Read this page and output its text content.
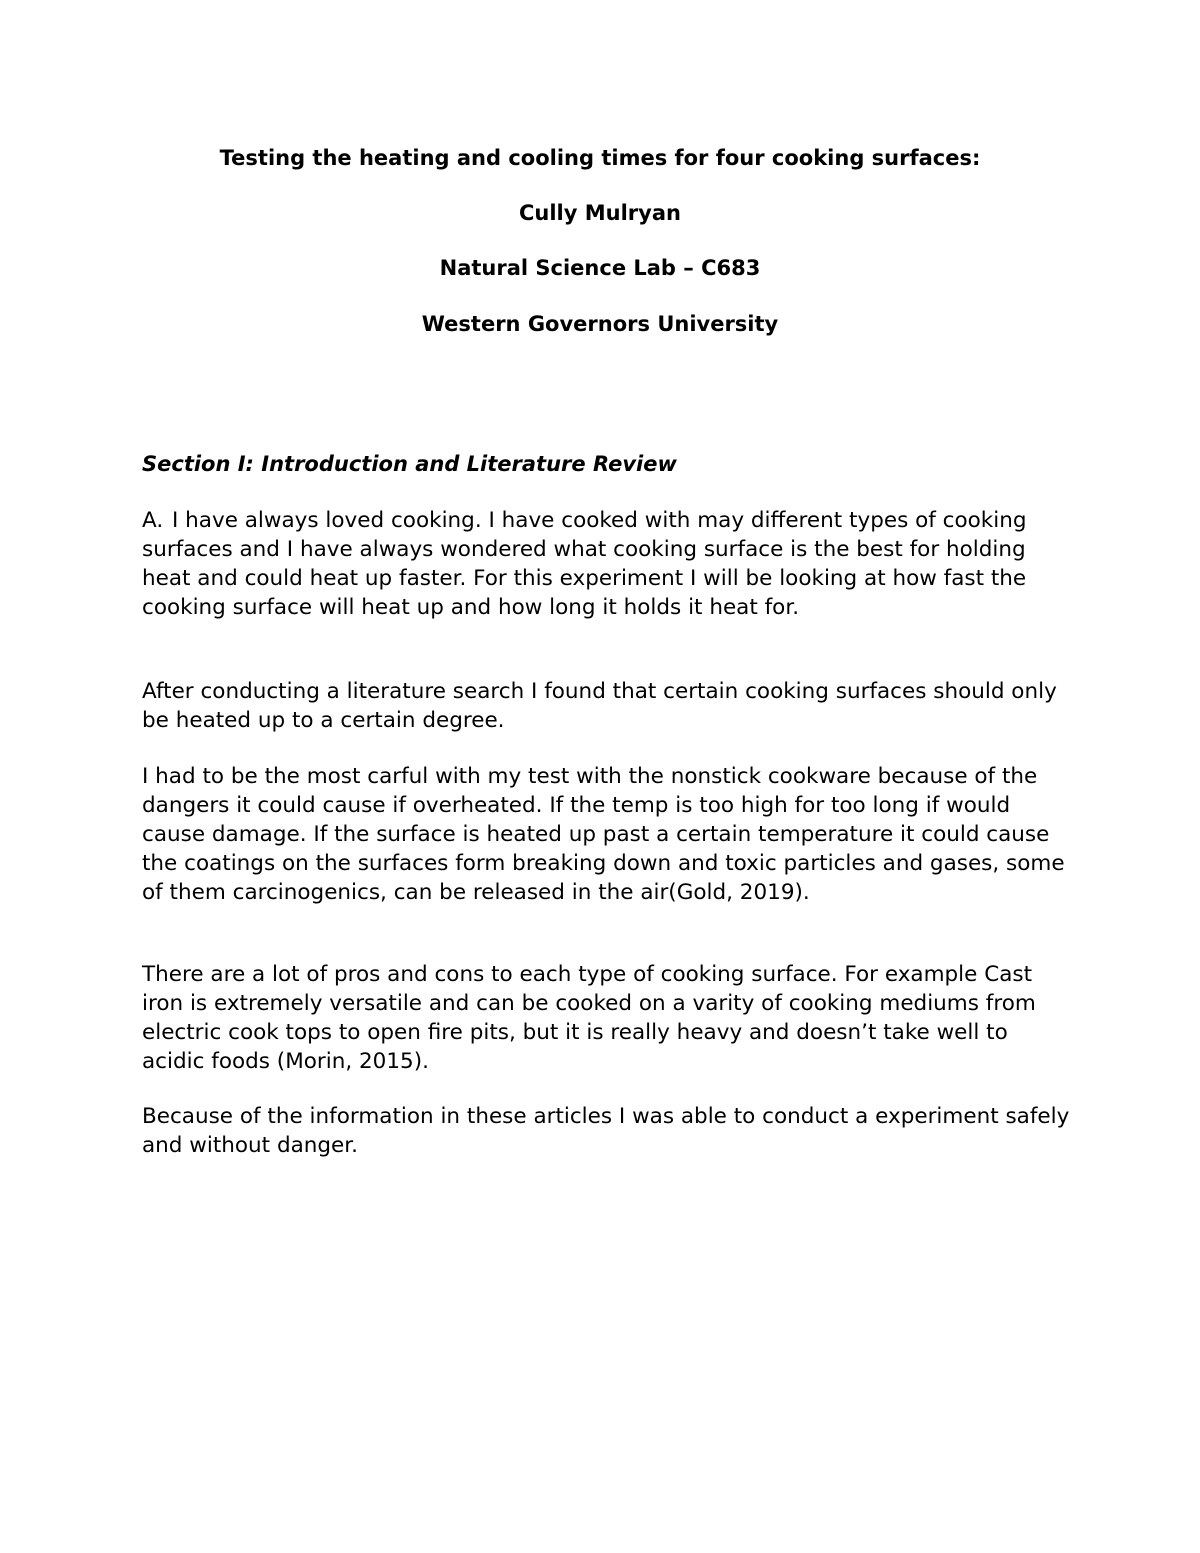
Testing the heating and cooling times for four cooking surfaces:
Cully Mulryan
Natural Science Lab – C683
Western Governors University
Section I: Introduction and Literature Review

A. I have always loved cooking. I have cooked with may different types of cooking surfaces and I have always wondered what cooking surface is the best for holding heat and could heat up faster. For this experiment I will be looking at how fast the cooking surface will heat up and how long it holds it heat for.

After conducting a literature search I found that certain cooking surfaces should only be heated up to a certain degree.

I had to be the most carful with my test with the nonstick cookware because of the dangers it could cause if overheated. If the temp is too high for too long if would cause damage. If the surface is heated up past a certain temperature it could cause the coatings on the surfaces form breaking down and toxic particles and gases, some of them carcinogenics, can be released in the air(Gold, 2019).

There are a lot of pros and cons to each type of cooking surface. For example Cast iron is extremely versatile and can be cooked on a varity of cooking mediums from electric cook tops to open fire pits, but it is really heavy and doesn’t take well to acidic foods (Morin, 2015).

Because of the information in these articles I was able to conduct a experiment safely and without danger.
